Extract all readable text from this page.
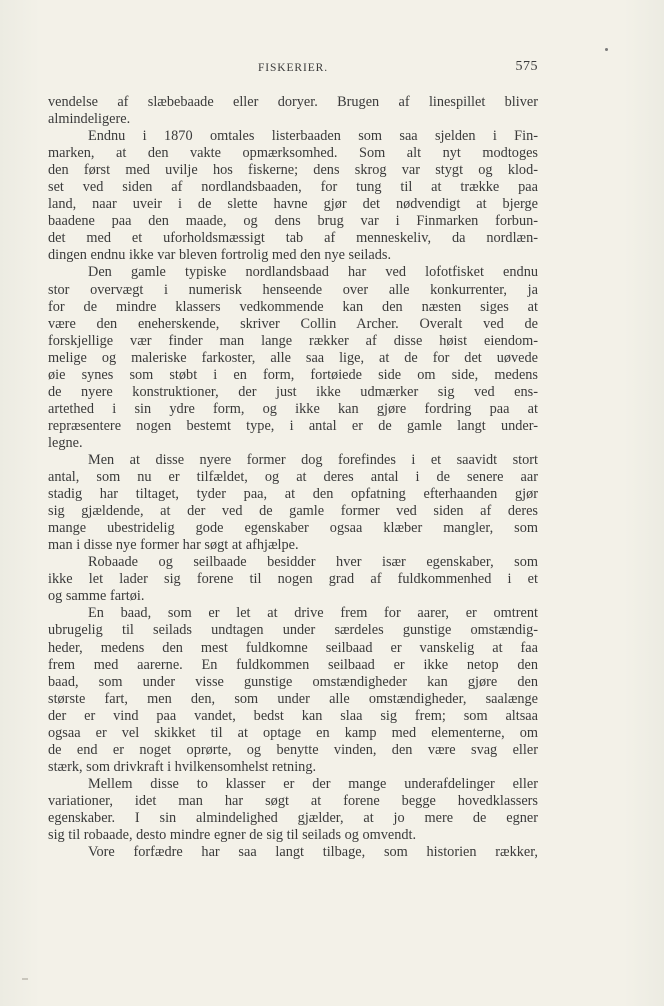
FISKERIER.	575
vendelse af slæbebaade eller doryer. Brugen af linespillet bliver
almindeligere.
Endnu i 1870 omtales listerbaaden som saa sjelden i Fin-
marken, at den vakte opmærksomhed. Som alt nyt modtoges
den først med uvilje hos fiskerne; dens skrog var stygt og klod-
set ved siden af nordlandsbaaden, for tung til at trække paa
land, naar uveir i de slette havne gjør det nødvendigt at bjerge
baadene paa den maade, og dens brug var i Finmarken forbun-
det med et uforholdsmæssigt tab af menneskeliv, da nordlæn-
dingen endnu ikke var bleven fortrolig med den nye seilads.
Den gamle typiske nordlandsbaad har ved lofotfisket endnu
stor overvægt i numerisk henseende over alle konkurrenter, ja
for de mindre klassers vedkommende kan den næsten siges at
være den eneherskende, skriver Collin Archer. Overalt ved de
forskjellige vær finder man lange rækker af disse høist eiendom-
melige og maleriske farkoster, alle saa lige, at de for det uøvede
øie synes som støbt i en form, fortøiede side om side, medens
de nyere konstruktioner, der just ikke udmærker sig ved ens-
artethed i sin ydre form, og ikke kan gjøre fordring paa at
repræsentere nogen bestemt type, i antal er de gamle langt under-
legne.
Men at disse nyere former dog forefindes i et saavidt stort
antal, som nu er tilfældet, og at deres antal i de senere aar
stadig har tiltaget, tyder paa, at den opfatning efterhaanden gjør
sig gjældende, at der ved de gamle former ved siden af deres
mange ubestridelig gode egenskaber ogsaa klæber mangler, som
man i disse nye former har søgt at afhjælpe.
Robaade og seilbaade besidder hver især egenskaber, som
ikke let lader sig forene til nogen grad af fuldkommenhed i et
og samme fartøi.
En baad, som er let at drive frem for aarer, er omtrent
ubrugelig til seilads undtagen under særdeles gunstige omstændig-
heder, medens den mest fuldkomne seilbaad er vanskelig at faa
frem med aarerne. En fuldkommen seilbaad er ikke netop den
baad, som under visse gunstige omstændigheder kan gjøre den
største fart, men den, som under alle omstændigheder, saalænge
der er vind paa vandet, bedst kan slaa sig frem; som altsaa
ogsaa er vel skikket til at optage en kamp med elementerne, om
de end er noget oprørte, og benytte vinden, den være svag eller
stærk, som drivkraft i hvilkensomhelst retning.
Mellem disse to klasser er der mange underafdelinger eller
variationer, idet man har søgt at forene begge hovedklassers
egenskaber. I sin almindelighed gjælder, at jo mere de egner
sig til robaade, desto mindre egner de sig til seilads og omvendt.
Vore forfædre har saa langt tilbage, som historien rækker,
